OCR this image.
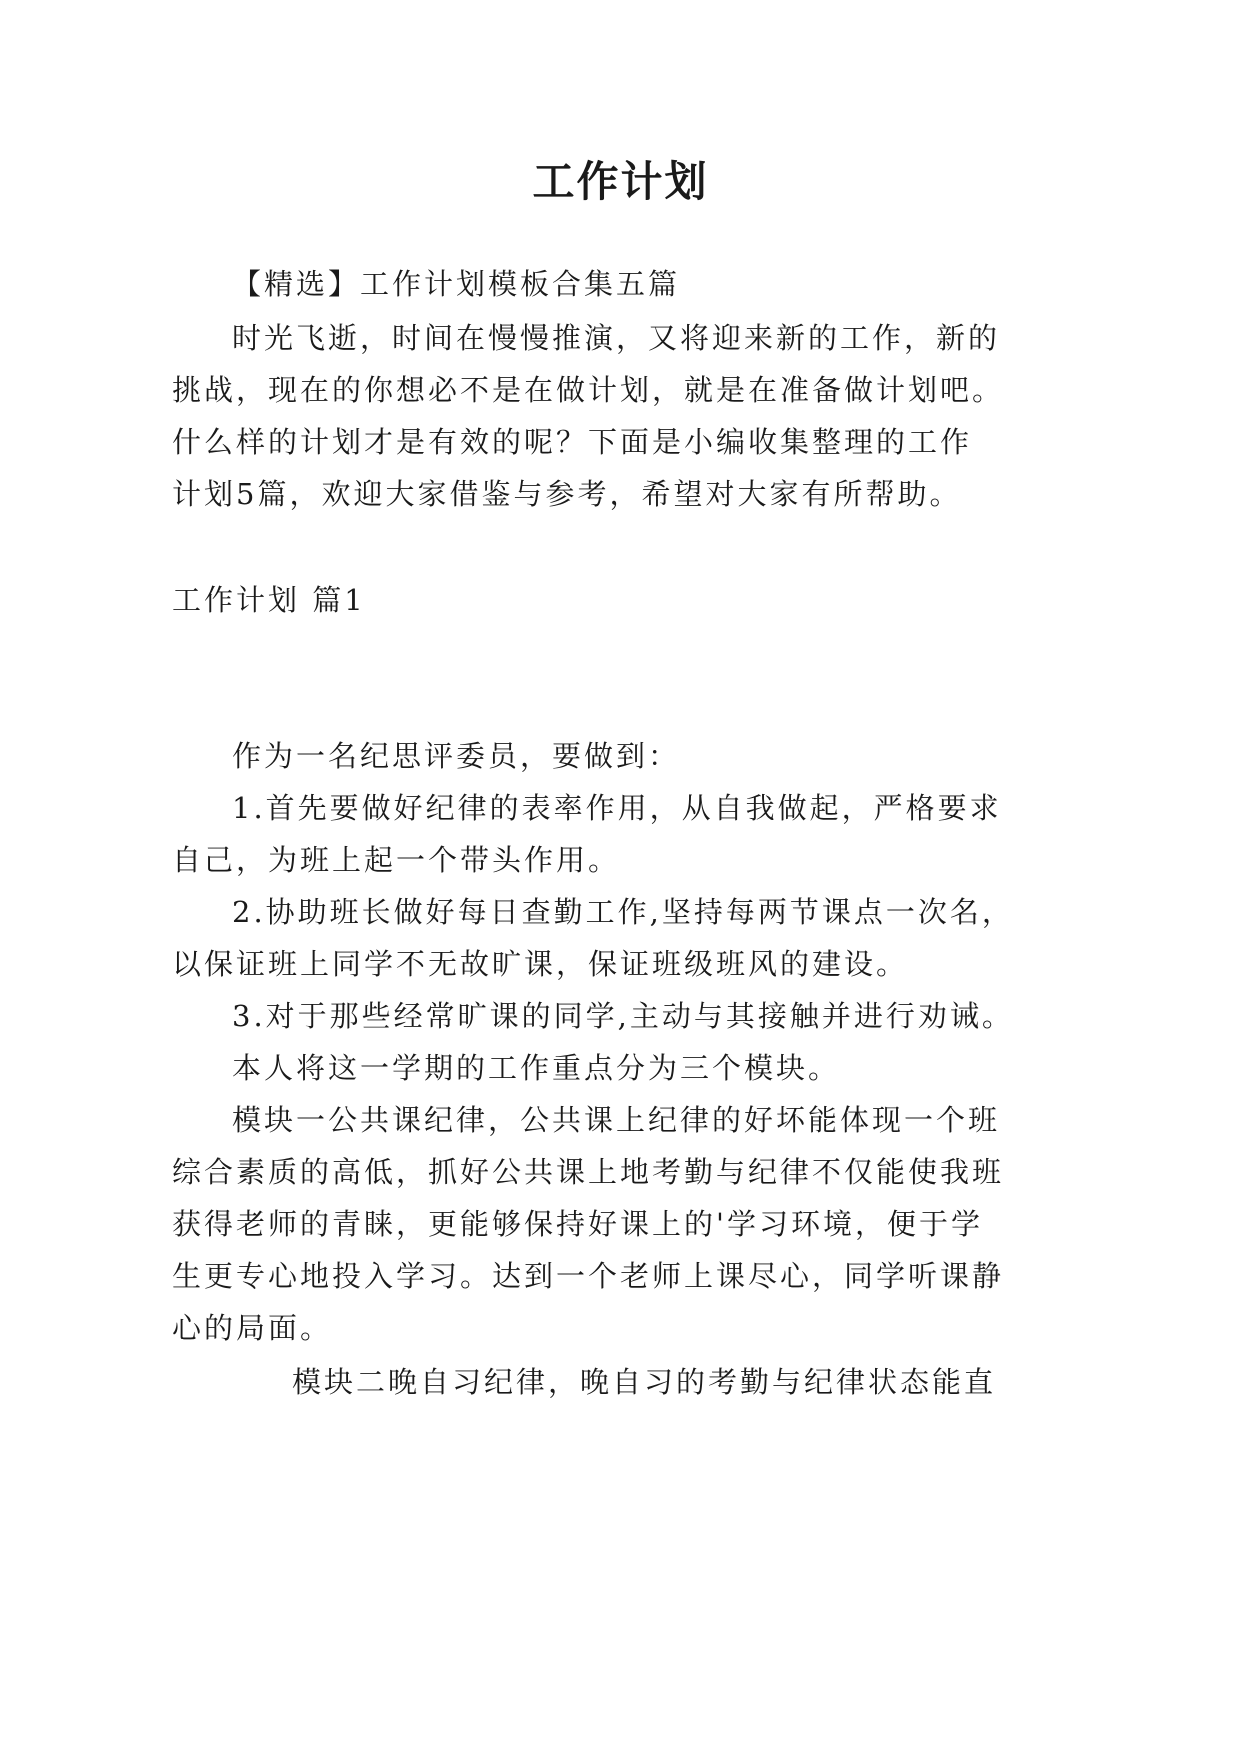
工作计划
【精选】工作计划模板合集五篇
时光飞逝，时间在慢慢推演，又将迎来新的工作，新的
挑战，现在的你想必不是在做计划，就是在准备做计划吧。
什么样的计划才是有效的呢？下面是小编收集整理的工作
计划5篇，欢迎大家借鉴与参考，希望对大家有所帮助。
工作计划 篇1
作为一名纪思评委员，要做到：
1.首先要做好纪律的表率作用，从自我做起，严格要求
自己，为班上起一个带头作用。
2.协助班长做好每日查勤工作,坚持每两节课点一次名，
以保证班上同学不无故旷课，保证班级班风的建设。
3.对于那些经常旷课的同学,主动与其接触并进行劝诫。
本人将这一学期的工作重点分为三个模块。
模块一公共课纪律，公共课上纪律的好坏能体现一个班
综合素质的高低，抓好公共课上地考勤与纪律不仅能使我班
获得老师的青睐，更能够保持好课上的'学习环境，便于学
生更专心地投入学习。达到一个老师上课尽心，同学听课静
心的局面。
模块二晚自习纪律，晚自习的考勤与纪律状态能直
